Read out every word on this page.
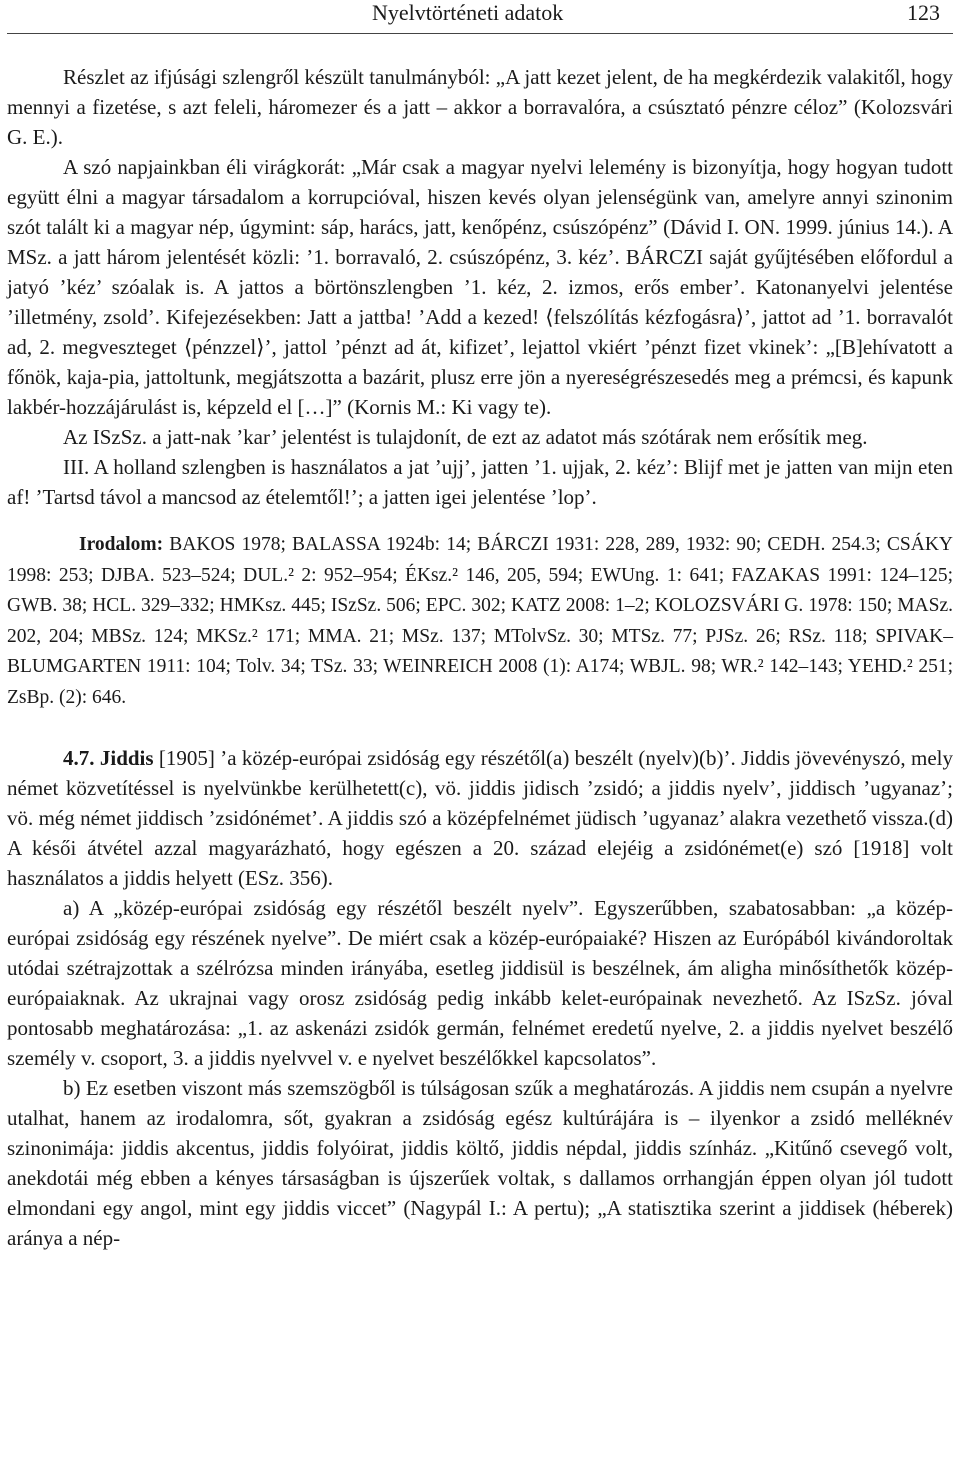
Nyelvtörténeti adatok	123

Részlet az ifjúsági szlengről készült tanulmányból: „A jatt kezet jelent, de ha megkérdezik valakitől, hogy mennyi a fizetése, s azt feleli, háromezer és a jatt – akkor a borravalóra, a csúsztató pénzre céloz” (Kolozsvári G. E.).

A szó napjainkban éli virágkorát: „Már csak a magyar nyelvi lelemény is bizonyítja, hogy hogyan tudott együtt élni a magyar társadalom a korrupcióval, hiszen kevés olyan jelenségünk van, amelyre annyi szinonim szót talált ki a magyar nép, úgymint: sáp, harács, jatt, kenőpénz, csúszópénz” (Dávid I. ON. 1999. június 14.). A MSz. a jatt három jelentését közli: ’1. borravaló, 2. csúszópénz, 3. kéz’. BÁRCZI saját gyűjtésében előfordul a jatyó ’kéz’ szóalak is. A jattos a börtönszlengben ’1. kéz, 2. izmos, erős ember’. Katonanyelvi jelentése ’illetmény, zsold’. Kifejezésekben: Jatt a jattba! ’Add a kezed! ⟨felszólítás kézfogásra⟩’, jattot ad ’1. borravalót ad, 2. megveszteget ⟨pénzzel⟩’, jattol ’pénzt ad át, kifizet’, lejattol vkiért ’pénzt fizet vkinek’: „[B]ehívatott a főnök, kaja-pia, jattoltunk, megjátszotta a bazárit, plusz erre jön a nyereségrészesedés meg a prémcsi, és kapunk lakbér-hozzájárulást is, képzeld el […]” (Kornis M.: Ki vagy te).

Az ISzSz. a jatt-nak ’kar’ jelentést is tulajdonít, de ezt az adatot más szótárak nem erősítik meg.

III. A holland szlengben is használatos a jat ’ujj’, jatten ’1. ujjak, 2. kéz’: Blijf met je jatten van mijn eten af! ’Tartsd távol a mancsod az ételemtől!’; a jatten igei jelentése ’lop’.

Irodalom: BAKOS 1978; BALASSA 1924b: 14; BÁRCZI 1931: 228, 289, 1932: 90; CEDH. 254.3; CSÁKY 1998: 253; DJBA. 523–524; DUL.² 2: 952–954; ÉKsz.² 146, 205, 594; EWUng. 1: 641; FAZAKAS 1991: 124–125; GWB. 38; HCL. 329–332; HMKsz. 445; ISzSz. 506; EPC. 302; KATZ 2008: 1–2; KOLOZSVÁRI G. 1978: 150; MASz. 202, 204; MBSz. 124; MKSz.² 171; MMA. 21; MSz. 137; MTolvSz. 30; MTSz. 77; PJSz. 26; RSz. 118; SPIVAK–BLUMGARTEN 1911: 104; Tolv. 34; TSz. 33; WEINREICH 2008 (1): A174; WBJL. 98; WR.² 142–143; YEHD.² 251; ZsBp. (2): 646.

4.7. Jiddis [1905] ’a közép-európai zsidóság egy részétől(a) beszélt (nyelv)(b)’. Jiddis jövevényszó, mely német közvetítéssel is nyelvünkbe kerülhetett(c), vö. jiddis jidisch ’zsidó; a jiddis nyelv’, jiddisch ’ugyanaz’; vö. még német jiddisch ’zsidónémet’. A jiddis szó a középfelnémet jüdisch ’ugyanaz’ alakra vezethető vissza.(d) A késői átvétel azzal magyarázható, hogy egészen a 20. század elejéig a zsidónémet(e) szó [1918] volt használatos a jiddis helyett (ESz. 356).

a) A „közép-európai zsidóság egy részétől beszélt nyelv”. Egyszerűbben, szabatosabban: „a közép-európai zsidóság egy részének nyelve”. De miért csak a közép-európaiaké? Hiszen az Európából kivándoroltak utódai szétrajzottak a szélrózsa minden irányába, esetleg jiddisül is beszélnek, ám aligha minősíthetők közép-európaiaknak. Az ukrajnai vagy orosz zsidóság pedig inkább kelet-európainak nevezhető. Az ISzSz. jóval pontosabb meghatározása: „1. az askenázi zsidók germán, felnémet eredetű nyelve, 2. a jiddis nyelvet beszélő személy v. csoport, 3. a jiddis nyelvvel v. e nyelvet beszélőkkel kapcsolatos”.

b) Ez esetben viszont más szemszögből is túlságosan szűk a meghatározás. A jiddis nem csupán a nyelvre utalhat, hanem az irodalomra, sőt, gyakran a zsidóság egész kultúrájára is – ilyenkor a zsidó melléknév szinonimája: jiddis akcentus, jiddis folyóirat, jiddis költő, jiddis népdal, jiddis színház. „Kitűnő csevegő volt, anekdotái még ebben a kényes társaságban is újszerűek voltak, s dallamos orrhangján éppen olyan jól tudott elmondani egy angol, mint egy jiddis viccet” (Nagypál I.: A pertu); „A statisztika szerint a jiddisek (héberek) aránya a nép-
